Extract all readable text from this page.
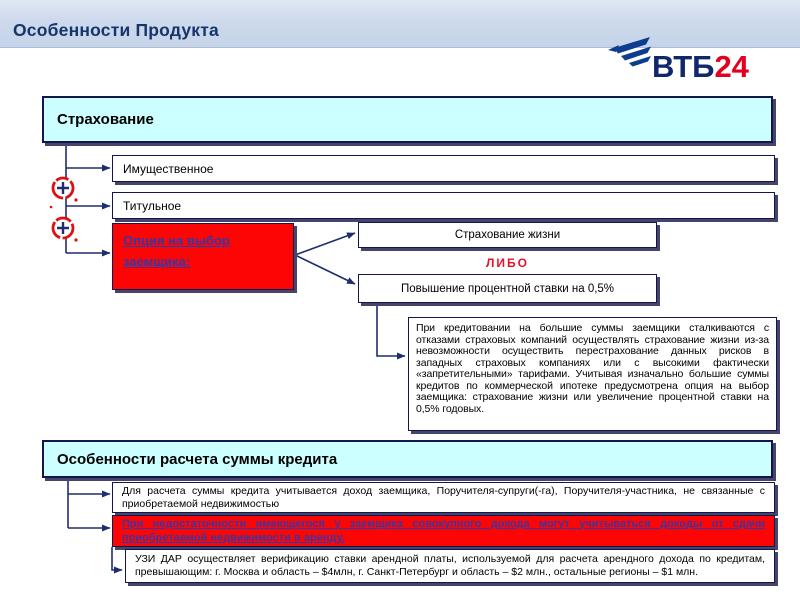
Особенности Продукта
ВТБ24
Страхование
Имущественное
Титульное
Опция на выбор заемщика:
Страхование жизни
ЛИБО
Повышение процентной ставки на 0,5%
При кредитовании на большие суммы заемщики сталкиваются с отказами страховых компаний осуществлять страхование жизни из-за невозможности осуществить перестрахование данных рисков в западных страховых компаниях или с высокими фактически «запретительными» тарифами. Учитывая изначально большие суммы кредитов по коммерческой ипотеке предусмотрена опция на выбор заемщика: страхование жизни или увеличение процентной ставки на 0,5% годовых.
Особенности расчета суммы кредита
Для расчета суммы кредита учитывается доход заемщика, Поручителя-супруги(-га), Поручителя-участника, не связанные с приобретаемой недвижимостью
При недостаточности имеющегося у заемщика совокупного дохода могут учитываться доходы от сдачи приобретаемой недвижимости в аренду.
УЗИ ДАР осуществляет верификацию ставки арендной платы, используемой для расчета арендного дохода по кредитам, превышающим: г. Москва и область – $4млн, г. Санкт-Петербург и область – $2 млн., остальные регионы – $1 млн.
